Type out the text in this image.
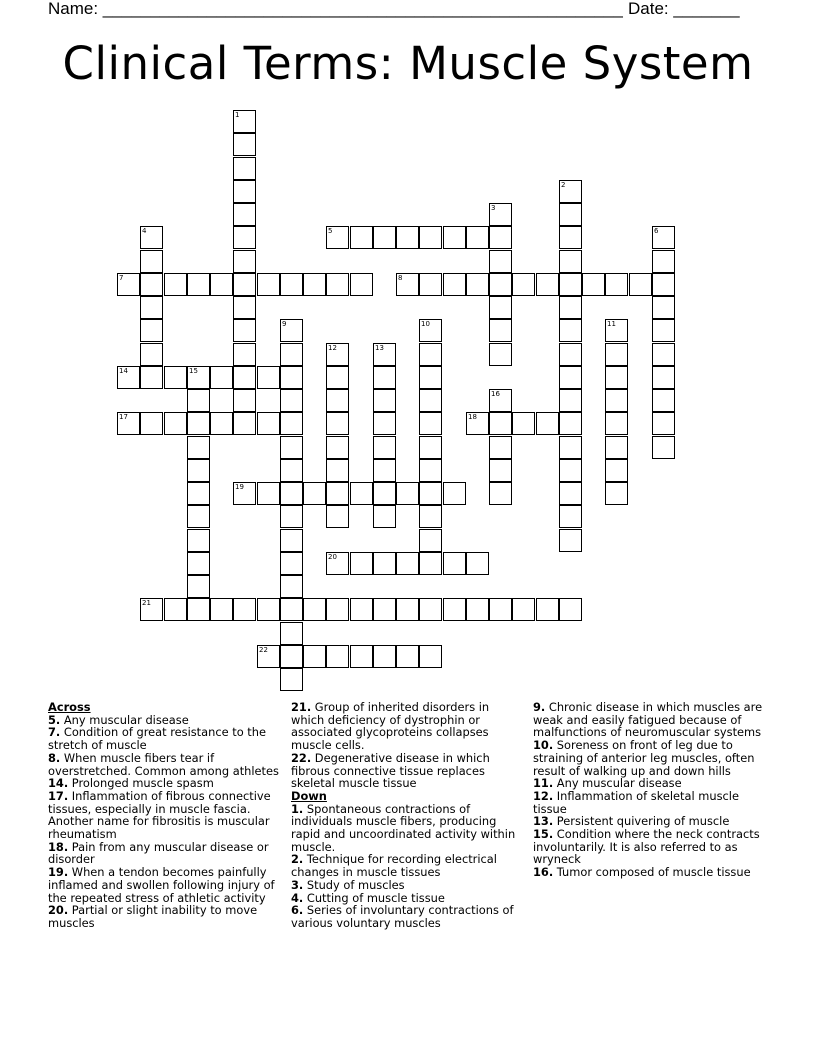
Name: _______________________________________________________ Date: _______
Clinical Terms: Muscle System
1
2
3
4	5	6
7	8
9	10	11
12	13
14	15
16
17	18
19
20
21
22
Across
5. Any muscular disease
7. Condition of great resistance to the stretch of muscle
8. When muscle fibers tear if overstretched. Common among athletes
14. Prolonged muscle spasm
17. Inflammation of fibrous connective tissues, especially in muscle fascia. Another name for fibrositis is muscular rheumatism
18. Pain from any muscular disease or disorder
19. When a tendon becomes painfully inflamed and swollen following injury of the repeated stress of athletic activity
20. Partial or slight inability to move muscles
21. Group of inherited disorders in which deficiency of dystrophin or associated glycoproteins collapses muscle cells.
22. Degenerative disease in which fibrous connective tissue replaces skeletal muscle tissue
Down
1. Spontaneous contractions of individuals muscle fibers, producing rapid and uncoordinated activity within muscle.
2. Technique for recording electrical changes in muscle tissues
3. Study of muscles
4. Cutting of muscle tissue
6. Series of involuntary contractions of various voluntary muscles
9. Chronic disease in which muscles are weak and easily fatigued because of malfunctions of neuromuscular systems
10. Soreness on front of leg due to straining of anterior leg muscles, often result of walking up and down hills
11. Any muscular disease
12. Inflammation of skeletal muscle tissue
13. Persistent quivering of muscle
15. Condition where the neck contracts involuntarily. It is also referred to as wryneck
16. Tumor composed of muscle tissue
